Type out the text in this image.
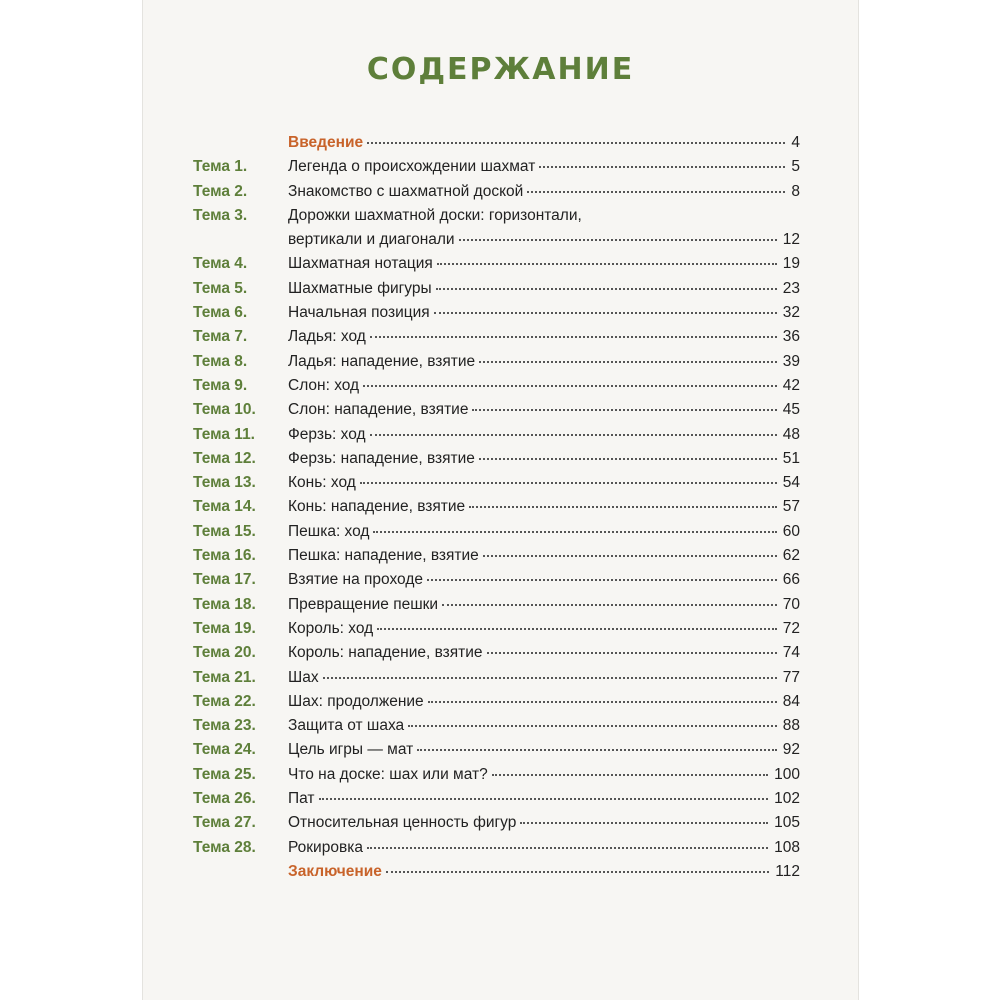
СОДЕРЖАНИЕ
Введение	4
Тема 1.	Легенда о происхождении шахмат	5
Тема 2.	Знакомство с шахматной доской	8
Тема 3.	Дорожки шахматной доски: горизонтали,
вертикали и диагонали	12
Тема 4.	Шахматная нотация	19
Тема 5.	Шахматные фигуры	23
Тема 6.	Начальная позиция	32
Тема 7.	Ладья: ход	36
Тема 8.	Ладья: нападение, взятие	39
Тема 9.	Слон: ход	42
Тема 10. Слон: нападение, взятие	45
Тема 11. Ферзь: ход	48
Тема 12. Ферзь: нападение, взятие	51
Тема 13. Конь: ход	54
Тема 14. Конь: нападение, взятие	57
Тема 15. Пешка: ход	60
Тема 16. Пешка: нападение, взятие	62
Тема 17. Взятие на проходе	66
Тема 18. Превращение пешки	70
Тема 19. Король: ход	72
Тема 20. Король: нападение, взятие	74
Тема 21. Шах	77
Тема 22. Шах: продолжение	84
Тема 23. Защита от шаха	88
Тема 24. Цель игры — мат	92
Тема 25. Что на доске: шах или мат?	100
Тема 26. Пат	102
Тема 27. Относительная ценность фигур	105
Тема 28. Рокировка	108
Заключение	112
